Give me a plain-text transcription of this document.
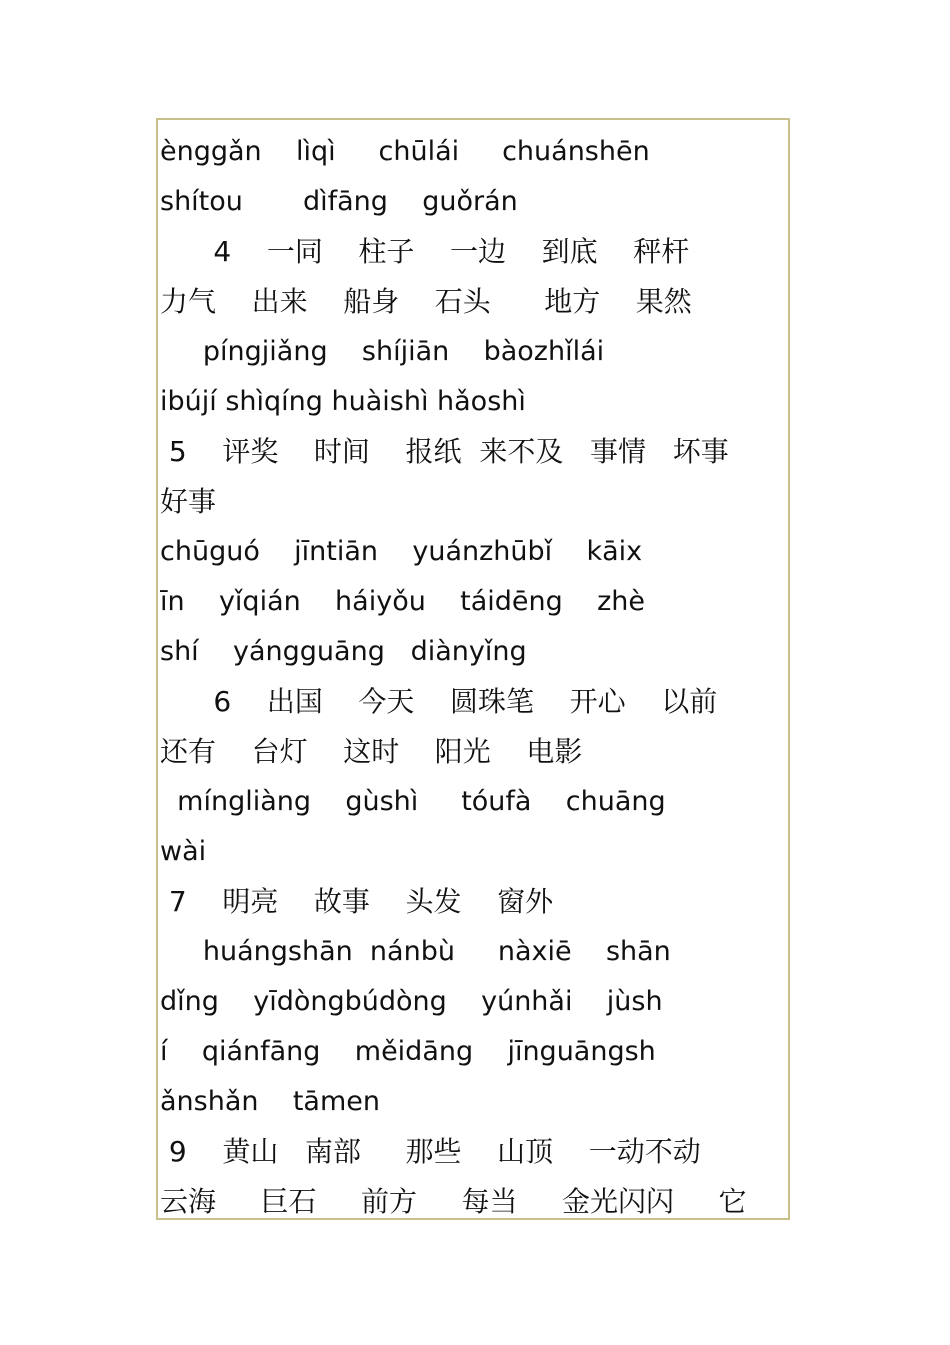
ènggǎn    lìqì     chūlái     chuánshēn
shítou       dìfāng    guǒrán
4    一同    柱子    一边    到底    秤杆
力气    出来    船身    石头      地方    果然
píngjiǎng    shíjiān    bàozhǐlái
ibújí shìqíng huàishì hǎoshì
5    评奖    时间    报纸  来不及   事情   坏事
好事
chūguó    jīntiān    yuánzhūbǐ    kāix
īn    yǐqián    háiyǒu    táidēng    zhè
shí    yángguāng   diànyǐng
6    出国    今天    圆珠笔    开心    以前
还有    台灯    这时    阳光    电影
míngliàng    gùshì     tóufà    chuāng
wài
7    明亮    故事    头发    窗外
huángshān  nánbù     nàxiē    shān
dǐng    yīdòngbúdòng    yúnhǎi    jùsh
í    qiánfāng    měidāng    jīnguāngsh
ǎnshǎn    tāmen
9    黄山   南部     那些    山顶    一动不动
云海     巨石     前方     每当     金光闪闪     它
